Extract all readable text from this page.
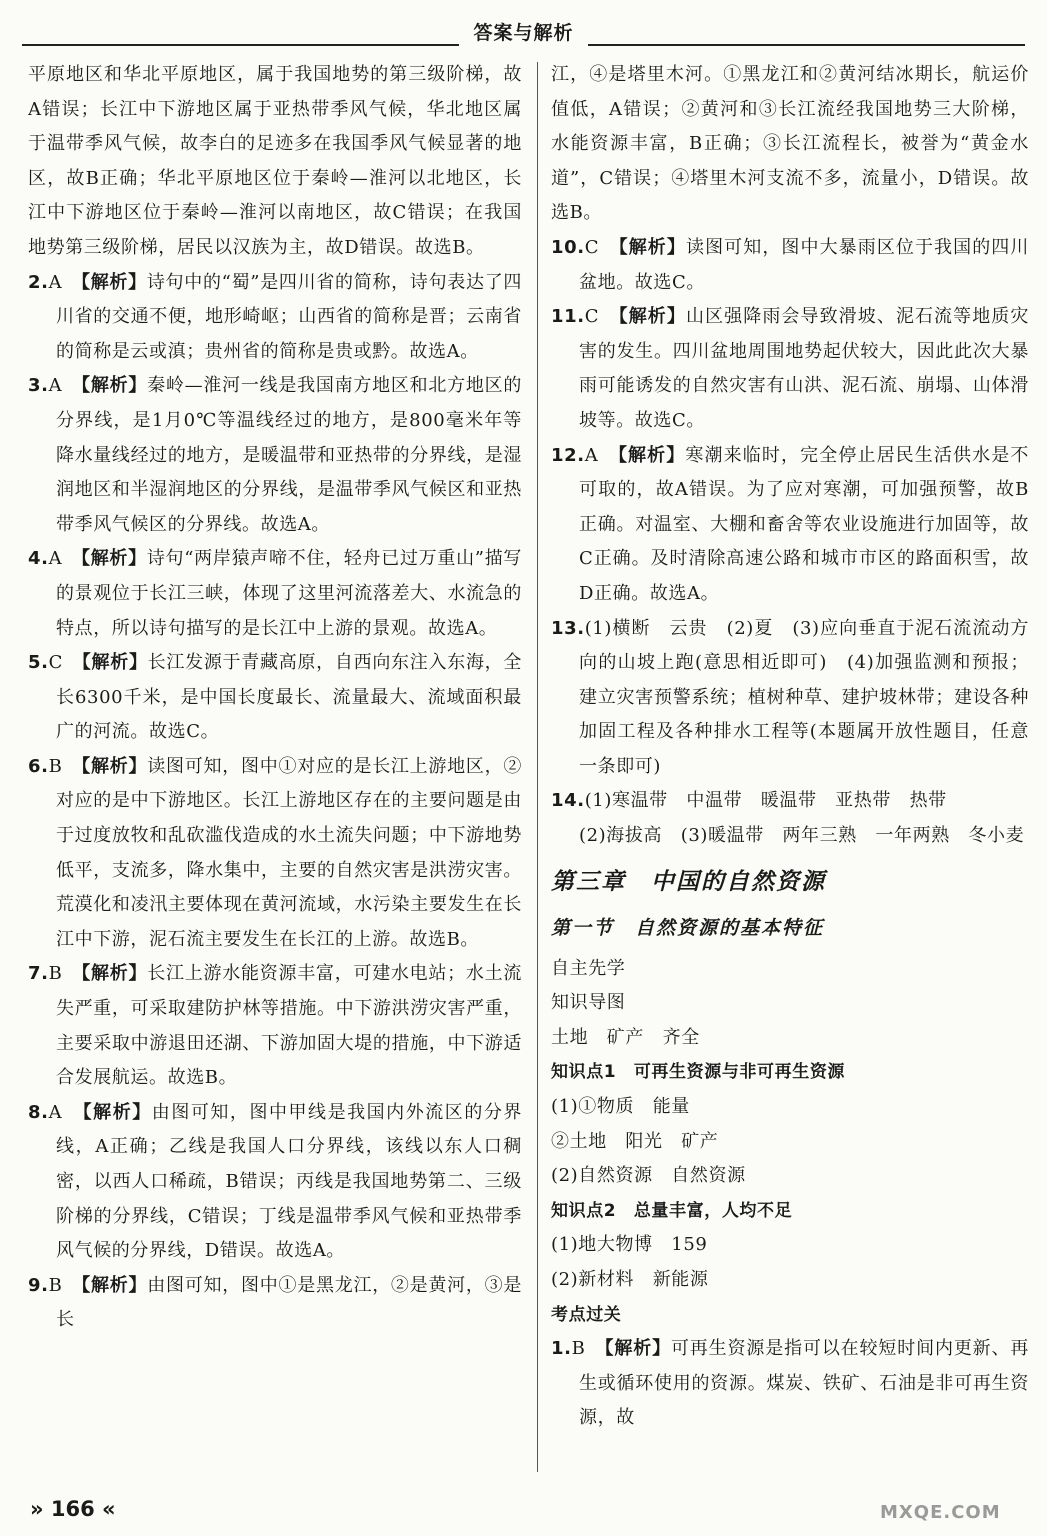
答案与解析

平原地区和华北平原地区，属于我国地势的第三级阶梯，故A错误；长江中下游地区属于亚热带季风气候，华北地区属于温带季风气候，故李白的足迹多在我国季风气候显著的地区，故B正确；华北平原地区位于秦岭—淮河以北地区，长江中下游地区位于秦岭—淮河以南地区，故C错误；在我国地势第三级阶梯，居民以汉族为主，故D错误。故选B。

2.A　 【解析】诗句中的“蜀”是四川省的简称，诗句表达了四川省的交通不便，地形崎岖；山西省的简称是晋；云南省的简称是云或滇；贵州省的简称是贵或黔。故选A。

3.A　 【解析】秦岭—淮河一线是我国南方地区和北方地区的分界线，是1月0℃等温线经过的地方，是800毫米年等降水量线经过的地方，是暖温带和亚热带的分界线，是湿润地区和半湿润地区的分界线，是温带季风气候区和亚热带季风气候区的分界线。故选A。

4.A　 【解析】诗句“两岸猿声啼不住，轻舟已过万重山”描写的景观位于长江三峡，体现了这里河流落差大、水流急的特点，所以诗句描写的是长江中上游的景观。故选A。

5.C　 【解析】长江发源于青藏高原，自西向东注入东海，全长6300千米，是中国长度最长、流量最大、流域面积最广的河流。故选C。

6.B　 【解析】读图可知，图中①对应的是长江上游地区，②对应的是中下游地区。长江上游地区存在的主要问题是由于过度放牧和乱砍滥伐造成的水土流失问题；中下游地势低平，支流多，降水集中，主要的自然灾害是洪涝灾害。荒漠化和凌汛主要体现在黄河流域，水污染主要发生在长江中下游，泥石流主要发生在长江的上游。故选B。

7.B　 【解析】长江上游水能资源丰富，可建水电站；水土流失严重，可采取建防护林等措施。中下游洪涝灾害严重，主要采取中游退田还湖、下游加固大堤的措施，中下游适合发展航运。故选B。

8.A　 【解析】由图可知，图中甲线是我国内外流区的分界线，A正确；乙线是我国人口分界线，该线以东人口稠密，以西人口稀疏，B错误；丙线是我国地势第二、三级阶梯的分界线，C错误；丁线是温带季风气候和亚热带季风气候的分界线，D错误。故选A。

9.B　 【解析】由图可知，图中①是黑龙江，②是黄河，③是长

江，④是塔里木河。①黑龙江和②黄河结冰期长，航运价值低，A错误；②黄河和③长江流经我国地势三大阶梯，水能资源丰富，B正确；③长江流程长，被誉为“黄金水道”，C错误；④塔里木河支流不多，流量小，D错误。故选B。

10.C　 【解析】读图可知，图中大暴雨区位于我国的四川盆地。故选C。

11.C　 【解析】山区强降雨会导致滑坡、泥石流等地质灾害的发生。四川盆地周围地势起伏较大，因此此次大暴雨可能诱发的自然灾害有山洪、泥石流、崩塌、山体滑坡等。故选C。

12.A　 【解析】寒潮来临时，完全停止居民生活供水是不可取的，故A错误。为了应对寒潮，可加强预警，故B正确。对温室、大棚和畜舍等农业设施进行加固等，故C正确。及时清除高速公路和城市市区的路面积雪，故D正确。故选A。

13.(1)横断　云贵　(2)夏　(3)应向垂直于泥石流流动方向的山坡上跑(意思相近即可)　(4)加强监测和预报；建立灾害预警系统；植树种草、建护坡林带；建设各种加固工程及各种排水工程等(本题属开放性题目，任意一条即可)

14.(1)寒温带　中温带　暖温带　亚热带　热带

(2)海拔高　(3)暖温带　两年三熟　一年两熟　冬小麦

第三章　中国的自然资源

第一节　自然资源的基本特征

自主先学

知识导图

土地　矿产　齐全

知识点1　可再生资源与非可再生资源

(1)①物质　能量

②土地　阳光　矿产

(2)自然资源　自然资源

知识点2　总量丰富，人均不足

(1)地大物博　159

(2)新材料　新能源

考点过关

1.B　 【解析】可再生资源是指可以在较短时间内更新、再生或循环使用的资源。煤炭、铁矿、石油是非可再生资源，故

» 166 «	MXQE.COM
